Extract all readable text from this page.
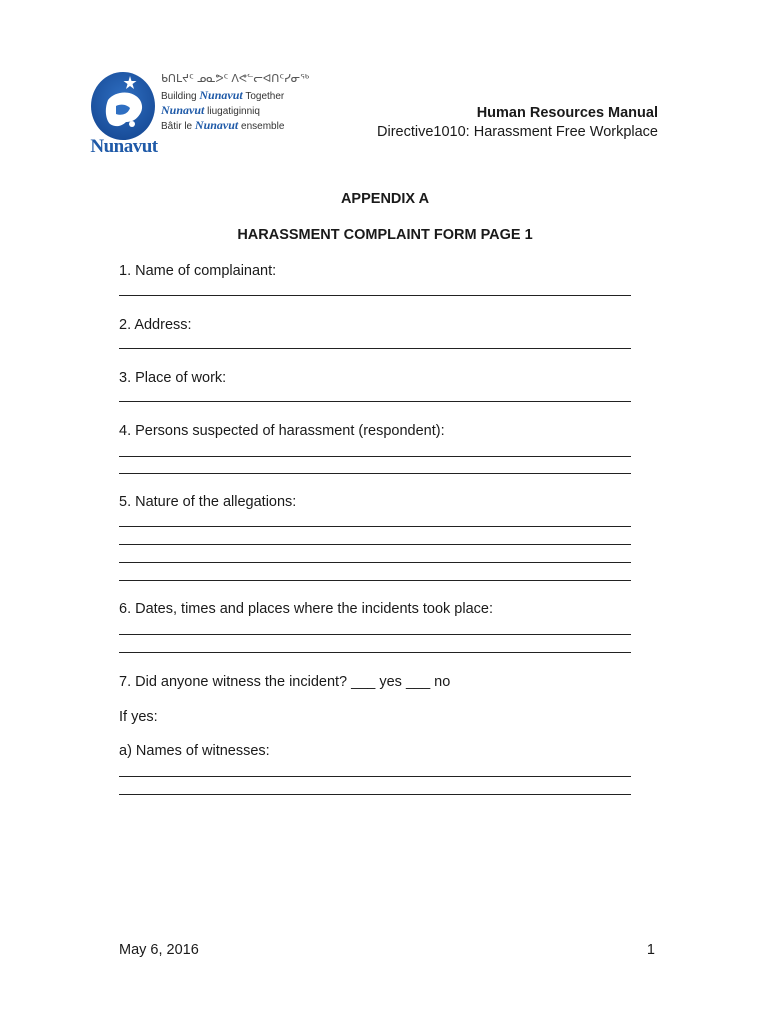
Nunavut
ᑲᑎᒪᔪᑦ ᓄᓇᕗᑦ ᐱᕙᓪᓕᐊᑎᑦᓯᓂᖅ
Building Nunavut Together
Nunavut liugatiginniq
Bâtir le Nunavut ensemble
Human Resources Manual
Directive1010: Harassment Free Workplace
APPENDIX A
HARASSMENT COMPLAINT FORM PAGE 1
1. Name of complainant:
2. Address:
3. Place of work:
4. Persons suspected of harassment (respondent):
5. Nature of the allegations:
6. Dates, times and places where the incidents took place:
7. Did anyone witness the incident? ___ yes ___ no
If yes:
a) Names of witnesses:
May 6, 2016	1
